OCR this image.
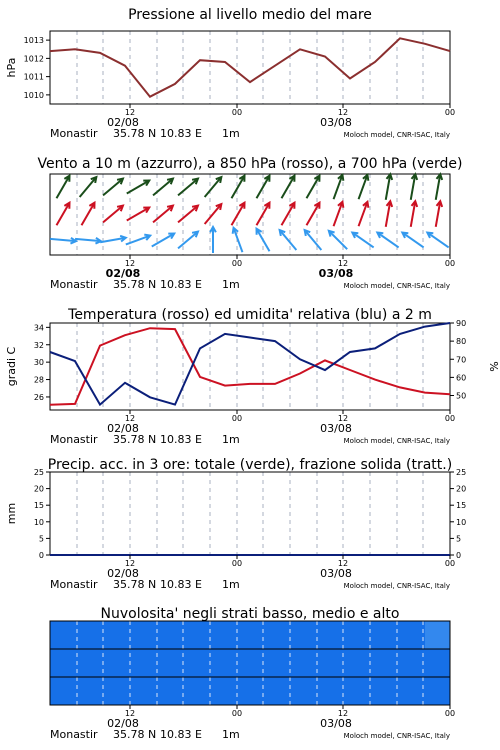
Pressione al livello medio del mare
1010
1011
1012
1013
hPa
12
02/08
00	12
03/08
00
Monastir 35.78 N 10.83 E 1m	Moloch model, CNR-ISAC, Italy
Vento a 10 m (azzurro), a 850 hPa (rosso), a 700 hPa (verde)
12
02/08
00	12
03/08
00
Monastir 35.78 N 10.83 E 1m	Moloch model, CNR-ISAC, Italy
Temperatura (rosso) ed umidita' relativa (blu) a 2 m
26
28
30
32
34
50
60
70
80
90
gradi C	%
12
02/08
00	12
03/08
00
Monastir 35.78 N 10.83 E 1m	Moloch model, CNR-ISAC, Italy
Precip. acc. in 3 ore: totale (verde), frazione solida (tratt.)
0
5
10
15
20
25
0
5
10
15
20
25
mm
12
02/08
00	12
03/08
00
Monastir 35.78 N 10.83 E 1m	Moloch model, CNR-ISAC, Italy
Nuvolosita' negli strati basso, medio e alto
12
02/08
00	12
03/08
00
Monastir 35.78 N 10.83 E 1m	Moloch model, CNR-ISAC, Italy
